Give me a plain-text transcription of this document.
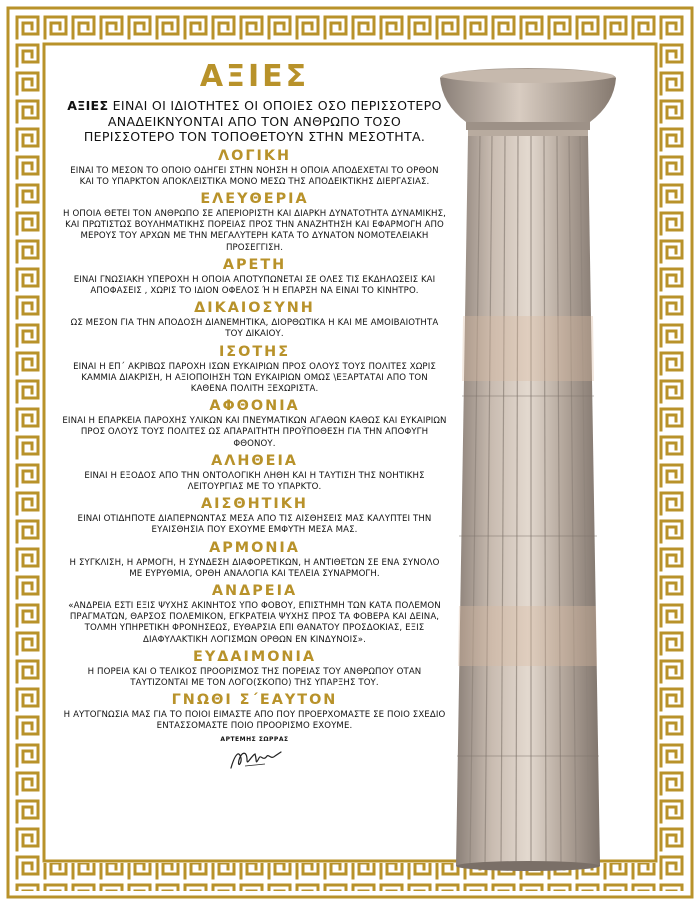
ΑΞΙΕΣ

ΑΞΙΕΣ ΕΙΝΑΙ ΟΙ ΙΔΙΟΤΗΤΕΣ ΟΙ ΟΠΟΙΕΣ ΟΣΟ ΠΕΡΙΣΣΟΤΕΡΟ ΑΝΑΔΕΙΚΝΥΟΝΤΑΙ ΑΠΟ ΤΟΝ ΑΝΘΡΩΠΟ ΤΟΣΟ ΠΕΡΙΣΣΟΤΕΡΟ ΤΟΝ ΤΟΠΟΘΕΤΟΥΝ ΣΤΗΝ ΜΕΣΟΤΗΤΑ.

ΛΟΓΙΚΗ

ΕΙΝΑΙ ΤΟ ΜΕΣΟΝ ΤΟ ΟΠΟΙΟ ΟΔΗΓΕΙ ΣΤΗΝ ΝΟΗΣΗ Η ΟΠΟΙΑ ΑΠΟΔΕΧΕΤΑΙ ΤΟ ΟΡΘΟΝ ΚΑΙ ΤΟ ΥΠΑΡΚΤΟΝ ΑΠΟΚΛΕΙΣΤΙΚΑ ΜΟΝΟ ΜΕΣΩ ΤΗΣ ΑΠΟΔΕΙΚΤΙΚΗΣ ΔΙΕΡΓΑΣΙΑΣ.

ΕΛΕΥΘΕΡΙΑ

Η ΟΠΟΙΑ ΘΕΤΕΙ ΤΟΝ ΑΝΘΡΩΠΟ ΣΕ ΑΠΕΡΙΟΡΙΣΤΗ ΚΑΙ ΔΙΑΡΚΗ ΔΥΝΑΤΟΤΗΤΑ ΔΥΝΑΜΙΚΗΣ, ΚΑΙ ΠΡΩΤΙΣΤΩΣ ΒΟΥΛΗΜΑΤΙΚΗΣ ΠΟΡΕΙΑΣ ΠΡΟΣ ΤΗΝ ΑΝΑΖΗΤΗΣΗ ΚΑΙ ΕΦΑΡΜΟΓΗ ΑΠΟ ΜΕΡΟΥΣ ΤΟΥ ΑΡΧΩΝ ΜΕ ΤΗΝ ΜΕΓΑΛΥΤΕΡΗ ΚΑΤΑ ΤΟ ΔΥΝΑΤΟΝ ΝΟΜΟΤΕΛΕΙΑΚΗ ΠΡΟΣΕΓΓΙΣΗ.

ΑΡΕΤΗ

ΕΙΝΑΙ ΓΝΩΣΙΑΚΗ ΥΠΕΡΟΧΗ Η ΟΠΟΙΑ ΑΠΟΤΥΠΩΝΕΤΑΙ ΣΕ ΟΛΕΣ ΤΙΣ ΕΚΔΗΛΩΣΕΙΣ ΚΑΙ ΑΠΟΦΑΣΕΙΣ , ΧΩΡΙΣ ΤΟ ΙΔΙΟΝ ΟΦΕΛΟΣ Ή Η ΕΠΑΡΣΗ ΝΑ ΕΙΝΑΙ ΤΟ ΚΙΝΗΤΡΟ.

ΔΙΚΑΙΟΣΥΝΗ

ΩΣ ΜΕΣΟΝ ΓΙΑ ΤΗΝ ΑΠΟΔΟΣΗ ΔΙΑΝΕΜΗΤΙΚΑ, ΔΙΟΡΘΩΤΙΚΑ Η ΚΑΙ ΜΕ ΑΜΟΙΒΑΙΟΤΗΤΑ ΤΟΥ ΔΙΚΑΙΟΥ.

ΙΣΟΤΗΣ

ΕΙΝΑΙ Η ΕΠ΄ ΑΚΡΙΒΩΣ ΠΑΡΟΧΗ ΙΣΩΝ ΕΥΚΑΙΡΙΩΝ ΠΡΟΣ ΟΛΟΥΣ ΤΟΥΣ ΠΟΛΙΤΕΣ ΧΩΡΙΣ ΚΑΜΜΙΑ ΔΙΑΚΡΙΣΗ, Η ΑΞΙΟΠΟΙΗΣΗ ΤΩΝ ΕΥΚΑΙΡΙΩΝ ΟΜΩΣ \ΕΞΑΡΤΑΤΑΙ ΑΠΟ ΤΟΝ ΚΑΘΕΝΑ ΠΟΛΙΤΗ ΞΕΧΩΡΙΣΤΑ.

ΑΦΘΟΝΙΑ

ΕΙΝΑΙ Η ΕΠΑΡΚΕΙΑ ΠΑΡΟΧΗΣ ΥΛΙΚΩΝ ΚΑΙ ΠΝΕΥΜΑΤΙΚΩΝ ΑΓΑΘΩΝ ΚΑΘΩΣ ΚΑΙ ΕΥΚΑΙΡΙΩΝ ΠΡΟΣ ΟΛΟΥΣ ΤΟΥΣ ΠΟΛΙΤΕΣ ΩΣ ΑΠΑΡΑΙΤΗΤΗ ΠΡΟΫΠΟΘΕΣΗ ΓΙΑ ΤΗΝ ΑΠΟΦΥΓΗ ΦΘΟΝΟΥ.

ΑΛΗΘΕΙΑ

ΕΙΝΑΙ Η ΕΞΟΔΟΣ ΑΠΟ ΤΗΝ ΟΝΤΟΛΟΓΙΚΗ ΛΗΘΗ ΚΑΙ Η ΤΑΥΤΙΣΗ ΤΗΣ ΝΟΗΤΙΚΗΣ ΛΕΙΤΟΥΡΓΙΑΣ ΜΕ ΤΟ ΥΠΑΡΚΤΟ.

ΑΙΣΘΗΤΙΚΗ

ΕΙΝΑΙ ΟΤΙΔΗΠΟΤΕ ΔΙΑΠΕΡΝΩΝΤΑΣ ΜΕΣΑ ΑΠΟ ΤΙΣ ΑΙΣΘΗΣΕΙΣ ΜΑΣ ΚΑΛΥΠΤΕΙ ΤΗΝ ΕΥΑΙΣΘΗΣΙΑ ΠΟΥ ΕΧΟΥΜΕ ΕΜΦΥΤΗ ΜΕΣΑ ΜΑΣ.

ΑΡΜΟΝΙΑ

Η ΣΥΓΚΛΙΣΗ, Η ΑΡΜΟΓΗ, Η ΣΥΝΔΕΣΗ ΔΙΑΦΟΡΕΤΙΚΩΝ, Η ΑΝΤΙΘΕΤΩΝ ΣΕ ΕΝΑ ΣΥΝΟΛΟ ΜΕ ΕΥΡΥΘΜΙΑ, ΟΡΘΗ ΑΝΑΛΟΓΙΑ ΚΑΙ ΤΕΛΕΙΑ ΣΥΝΑΡΜΟΓΗ.

ΑΝΔΡΕΙΑ

«ΑΝΔΡΕΙΑ ΕΣΤΙ ΕΞΙΣ ΨΥΧΗΣ ΑΚΙΝΗΤΟΣ ΥΠΟ ΦΟΒΟΥ, ΕΠΙΣΤΗΜΗ ΤΩΝ ΚΑΤΑ ΠΟΛΕΜΟΝ ΠΡΑΓΜΑΤΩΝ, ΘΑΡΣΟΣ ΠΟΛΕΜΙΚΟΝ, ΕΓΚΡΑΤΕΙΑ ΨΥΧΗΣ ΠΡΟΣ ΤΑ ΦΟΒΕΡΑ ΚΑΙ ΔΕΙΝΑ, ΤΟΛΜΗ ΥΠΗΡΕΤΙΚΗ ΦΡΟΝΗΣΕΩΣ, ΕΥΘΑΡΣΙΑ ΕΠΙ ΘΑΝΑΤΟΥ ΠΡΟΣΔΟΚΙΑΣ, ΕΞΙΣ ΔΙΑΦΥΛΑΚΤΙΚΗ ΛΟΓΙΣΜΩΝ ΟΡΘΩΝ ΕΝ ΚΙΝΔΥΝΟΙΣ».

ΕΥΔΑΙΜΟΝΙΑ

Η ΠΟΡΕΙΑ ΚΑΙ Ο ΤΕΛΙΚΟΣ ΠΡΟΟΡΙΣΜΟΣ ΤΗΣ ΠΟΡΕΙΑΣ ΤΟΥ ΑΝΘΡΩΠΟΥ ΟΤΑΝ ΤΑΥΤΙΖΟΝΤΑΙ ΜΕ ΤΟΝ ΛΟΓΟ(ΣΚΟΠΟ) ΤΗΣ ΥΠΑΡΞΗΣ ΤΟΥ.

ΓΝΩΘΙ Σ΄ΕΑΥΤΟΝ

Η ΑΥΤΟΓΝΩΣΙΑ ΜΑΣ ΓΙΑ ΤΟ ΠΟΙΟΙ ΕΙΜΑΣΤΕ ΑΠΟ ΠΟΥ ΠΡΟΕΡΧΟΜΑΣΤΕ ΣΕ ΠΟΙΟ ΣΧΕΔΙΟ ΕΝΤΑΣΣΟΜΑΣΤΕ ΠΟΙΟ ΠΡΟΟΡΙΣΜΟ ΕΧΟΥΜΕ.

ΑΡΤΕΜΗΣ ΣΩΡΡΑΣ
